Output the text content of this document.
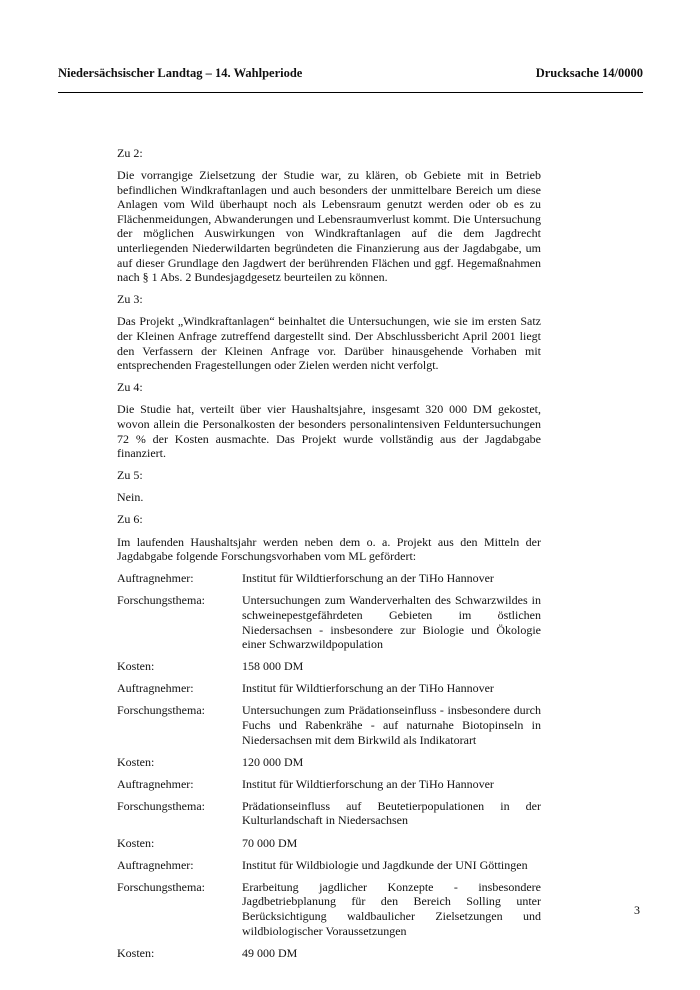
Niedersächsischer Landtag – 14. Wahlperiode	Drucksache 14/0000

Zu 2:

Die vorrangige Zielsetzung der Studie war, zu klären, ob Gebiete mit in Betrieb befindlichen Windkraftanlagen und auch besonders der unmittelbare Bereich um diese Anlagen vom Wild überhaupt noch als Lebensraum genutzt werden oder ob es zu Flächenmeidungen, Abwanderungen und Lebensraumverlust kommt. Die Untersuchung der möglichen Auswirkungen von Windkraftanlagen auf die dem Jagdrecht unterliegenden Niederwildarten begründeten die Finanzierung aus der Jagdabgabe, um auf dieser Grundlage den Jagdwert der berührenden Flächen und ggf. Hegemaßnahmen nach § 1 Abs. 2 Bundesjagdgesetz beurteilen zu können.

Zu 3:

Das Projekt „Windkraftanlagen“ beinhaltet die Untersuchungen, wie sie im ersten Satz der Kleinen Anfrage zutreffend dargestellt sind. Der Abschlussbericht April 2001 liegt den Verfassern der Kleinen Anfrage vor. Darüber hinausgehende Vorhaben mit entsprechenden Fragestellungen oder Zielen werden nicht verfolgt.

Zu 4:

Die Studie hat, verteilt über vier Haushaltsjahre, insgesamt 320 000 DM gekostet, wovon allein die Personalkosten der besonders personalintensiven Felduntersuchungen 72 % der Kosten ausmachte. Das Projekt wurde vollständig aus der Jagdabgabe finanziert.

Zu 5:

Nein.

Zu 6:

Im laufenden Haushaltsjahr werden neben dem o. a. Projekt aus den Mitteln der Jagdabgabe folgende Forschungsvorhaben vom ML gefördert:

Auftragnehmer:	Institut für Wildtierforschung an der TiHo Hannover
Forschungsthema:	Untersuchungen zum Wanderverhalten des Schwarzwildes in schweinepestgefährdeten Gebieten im östlichen Niedersachsen - insbesondere zur Biologie und Ökologie einer Schwarzwildpopulation
Kosten:	158 000 DM
Auftragnehmer:	Institut für Wildtierforschung an der TiHo Hannover
Forschungsthema:	Untersuchungen zum Prädationseinfluss - insbesondere durch Fuchs und Rabenkrähe - auf naturnahe Biotopinseln in Niedersachsen mit dem Birkwild als Indikatorart
Kosten:	120 000 DM
Auftragnehmer:	Institut für Wildtierforschung an der TiHo Hannover
Forschungsthema:	Prädationseinfluss auf Beutetierpopulationen in der Kulturlandschaft in Niedersachsen
Kosten:	70 000 DM
Auftragnehmer:	Institut für Wildbiologie und Jagdkunde der UNI Göttingen
Forschungsthema:	Erarbeitung jagdlicher Konzepte - insbesondere Jagdbetriebplanung für den Bereich Solling unter Berücksichtigung waldbaulicher Zielsetzungen und wildbiologischer Voraussetzungen
Kosten:	49 000 DM
3
